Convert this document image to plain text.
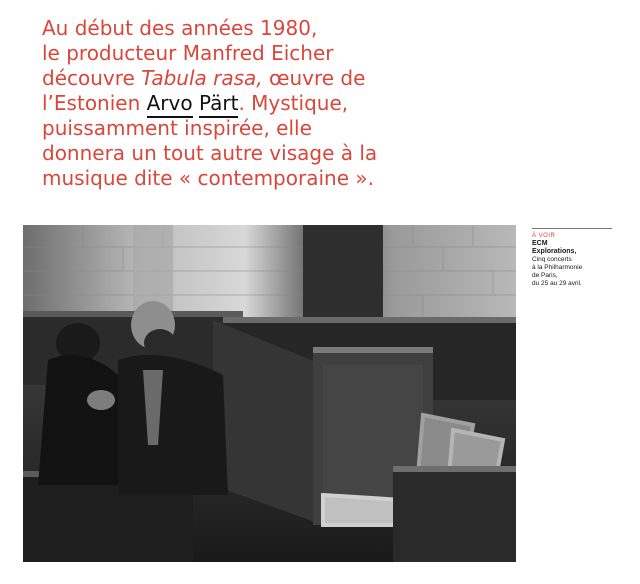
Au début des années 1980,
le producteur Manfred Eicher
découvre Tabula rasa, œuvre de
l’Estonien Arvo Pärt. Mystique,
puissamment inspirée, elle
donnera un tout autre visage à la
musique dite « contemporaine ».

À VOIR
ECM
Explorations,
Cinq concerts
à la Philharmonie
de Paris,
du 25 au 29 avril.
